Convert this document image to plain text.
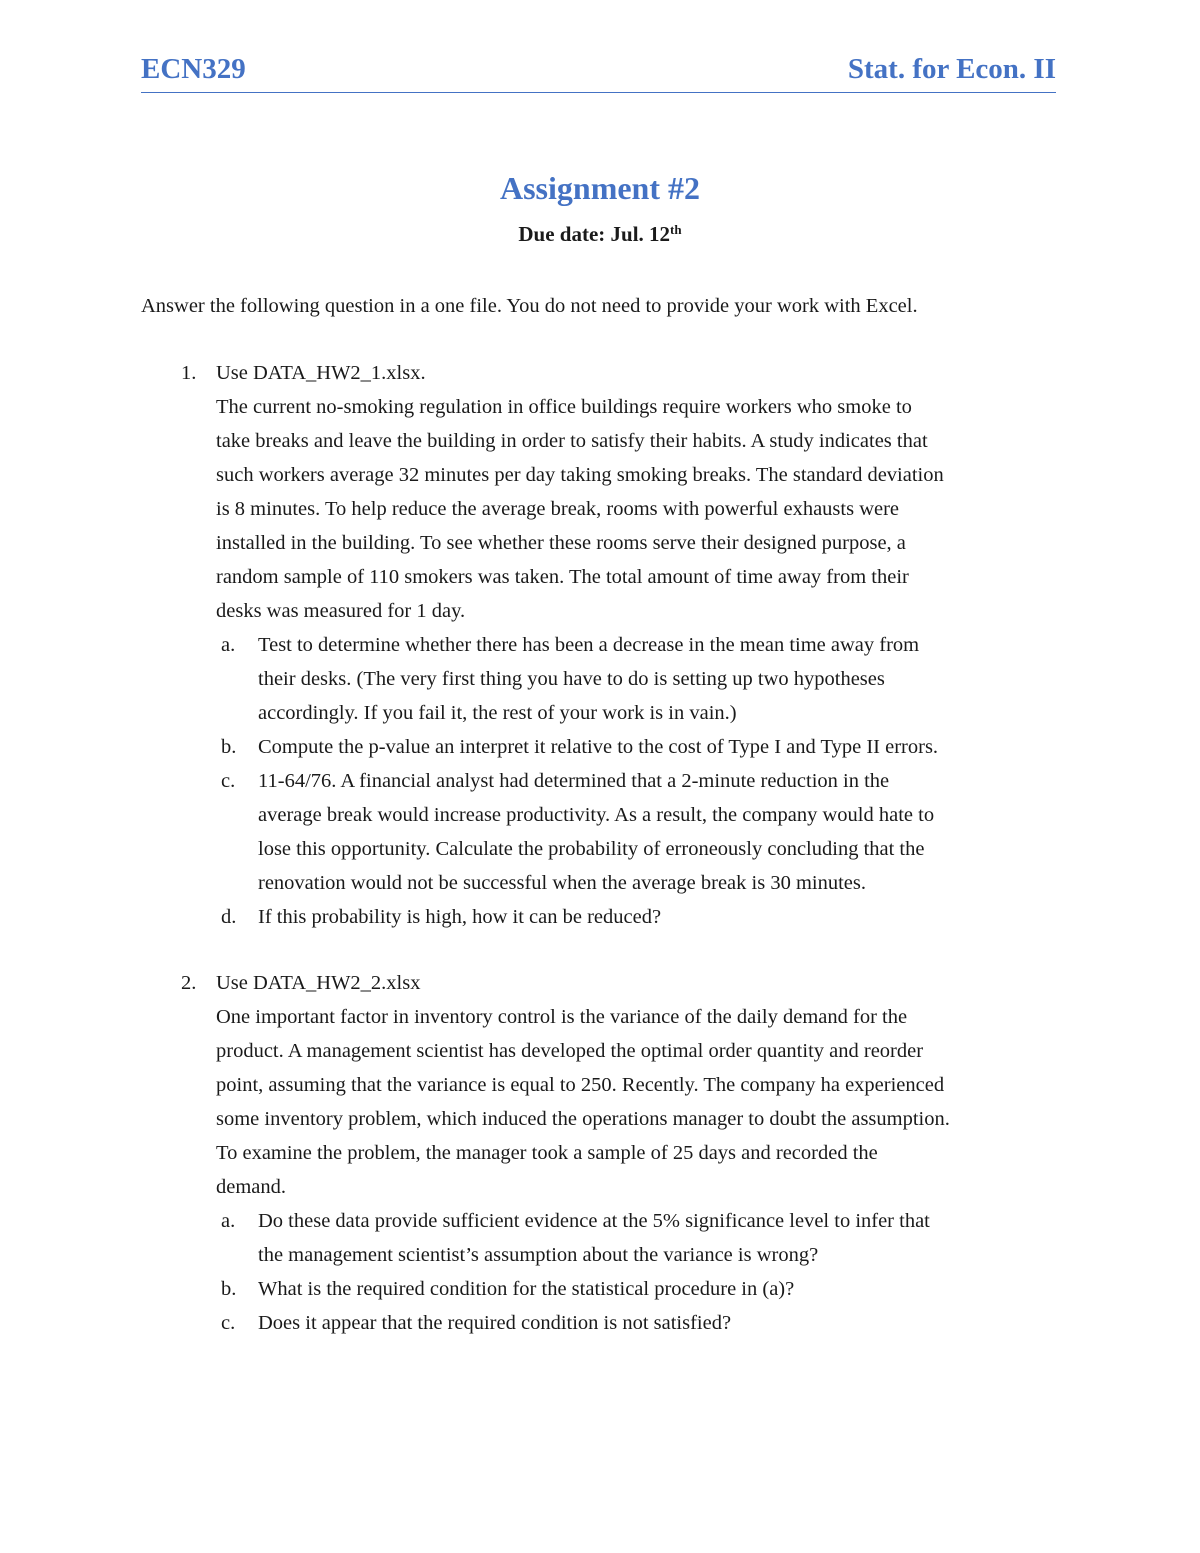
ECN329	Stat. for Econ. II
Assignment #2
Due date: Jul. 12th
Answer the following question in a one file. You do not need to provide your work with Excel.
1. Use DATA_HW2_1.xlsx.
The current no-smoking regulation in office buildings require workers who smoke to
take breaks and leave the building in order to satisfy their habits. A study indicates that
such workers average 32 minutes per day taking smoking breaks. The standard deviation
is 8 minutes. To help reduce the average break, rooms with powerful exhausts were
installed in the building. To see whether these rooms serve their designed purpose, a
random sample of 110 smokers was taken. The total amount of time away from their
desks was measured for 1 day.
a. Test to determine whether there has been a decrease in the mean time away from
their desks. (The very first thing you have to do is setting up two hypotheses
accordingly. If you fail it, the rest of your work is in vain.)
b. Compute the p-value an interpret it relative to the cost of Type I and Type II errors.
c. 11-64/76. A financial analyst had determined that a 2-minute reduction in the
average break would increase productivity. As a result, the company would hate to
lose this opportunity. Calculate the probability of erroneously concluding that the
renovation would not be successful when the average break is 30 minutes.
d. If this probability is high, how it can be reduced?
2. Use DATA_HW2_2.xlsx
One important factor in inventory control is the variance of the daily demand for the
product. A management scientist has developed the optimal order quantity and reorder
point, assuming that the variance is equal to 250. Recently. The company ha experienced
some inventory problem, which induced the operations manager to doubt the assumption.
To examine the problem, the manager took a sample of 25 days and recorded the
demand.
a. Do these data provide sufficient evidence at the 5% significance level to infer that
the management scientist’s assumption about the variance is wrong?
b. What is the required condition for the statistical procedure in (a)?
c. Does it appear that the required condition is not satisfied?
